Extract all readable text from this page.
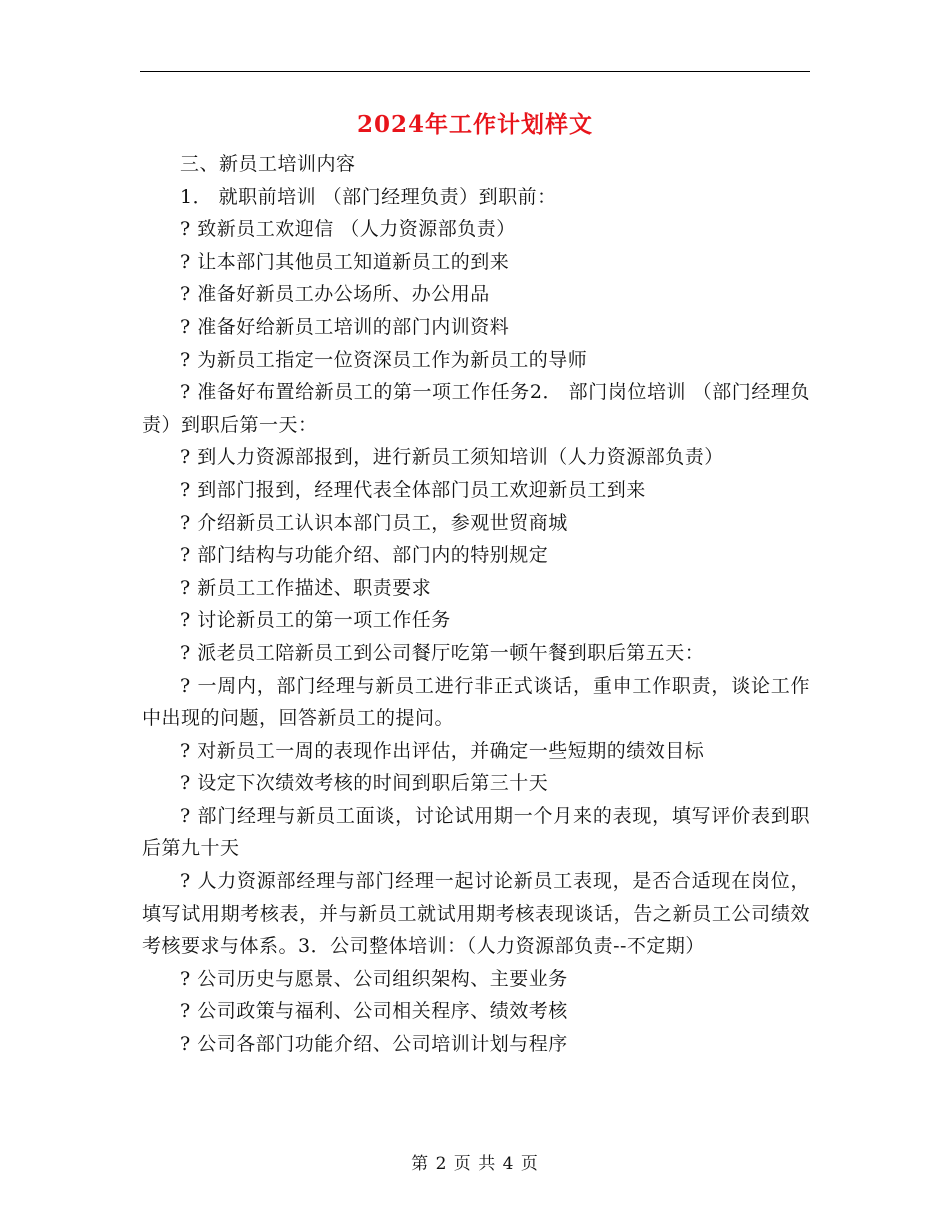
2024年工作计划样文

三、新员工培训内容

1． 就职前培训 （部门经理负责）到职前：

? 致新员工欢迎信 （人力资源部负责）

? 让本部门其他员工知道新员工的到来

? 准备好新员工办公场所、办公用品

? 准备好给新员工培训的部门内训资料

? 为新员工指定一位资深员工作为新员工的导师

? 准备好布置给新员工的第一项工作任务2． 部门岗位培训 （部门经理负责）到职后第一天：

? 到人力资源部报到，进行新员工须知培训（人力资源部负责）

? 到部门报到，经理代表全体部门员工欢迎新员工到来

? 介绍新员工认识本部门员工，参观世贸商城

? 部门结构与功能介绍、部门内的特别规定

? 新员工工作描述、职责要求

? 讨论新员工的第一项工作任务

? 派老员工陪新员工到公司餐厅吃第一顿午餐到职后第五天：

? 一周内，部门经理与新员工进行非正式谈话，重申工作职责，谈论工作中出现的问题，回答新员工的提问。

? 对新员工一周的表现作出评估，并确定一些短期的绩效目标

? 设定下次绩效考核的时间到职后第三十天

? 部门经理与新员工面谈，讨论试用期一个月来的表现，填写评价表到职后第九十天

? 人力资源部经理与部门经理一起讨论新员工表现，是否合适现在岗位，填写试用期考核表，并与新员工就试用期考核表现谈话，告之新员工公司绩效考核要求与体系。3．公司整体培训：（人力资源部负责--不定期）

? 公司历史与愿景、公司组织架构、主要业务

? 公司政策与福利、公司相关程序、绩效考核

? 公司各部门功能介绍、公司培训计划与程序

第 2 页 共 4 页
